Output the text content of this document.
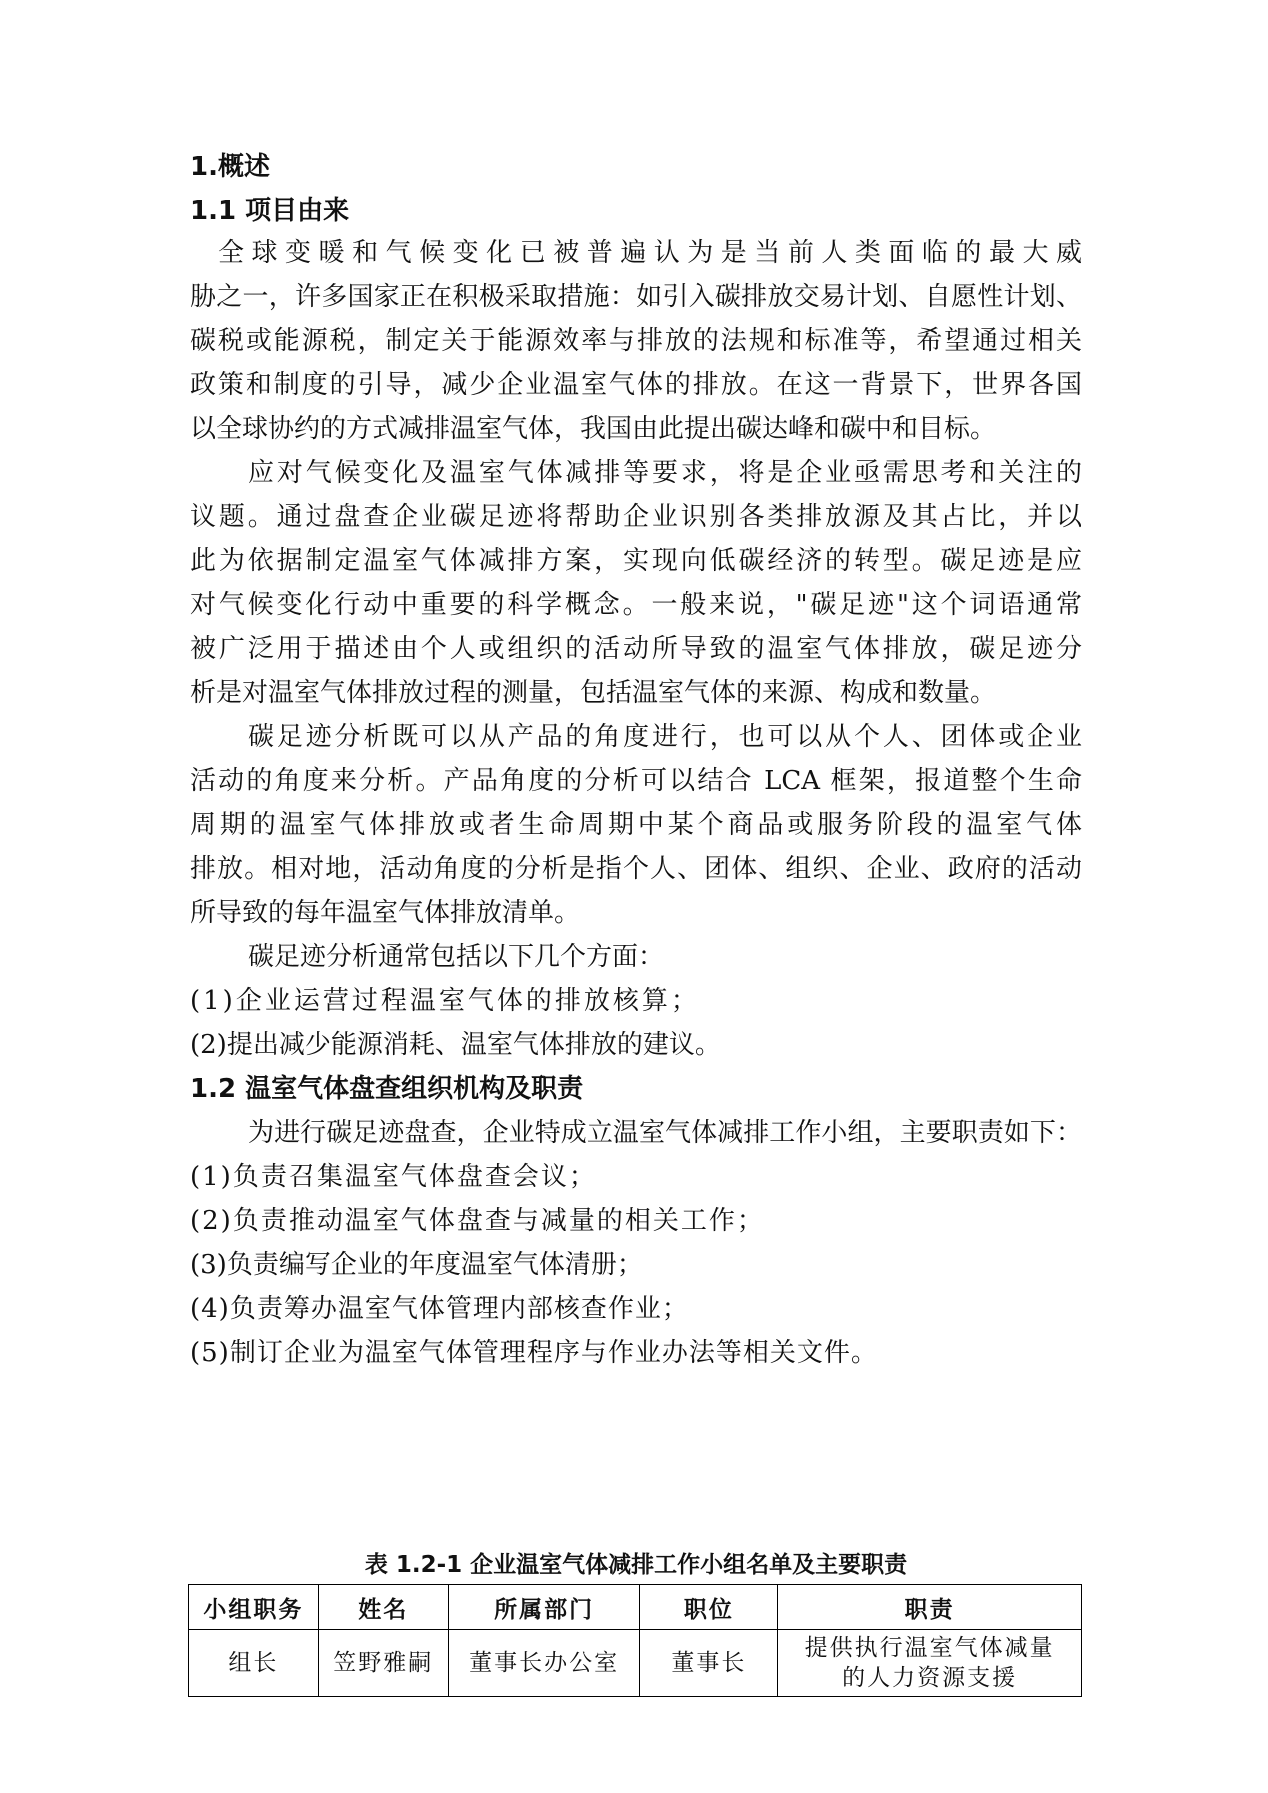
1.概述
1.1 项目由来

全球变暖和气候变化已被普遍认为是当前人类面临的最大威

胁之一，许多国家正在积极采取措施：如引入碳排放交易计划、自愿性计划、

碳税或能源税，制定关于能源效率与排放的法规和标准等，希望通过相关

政策和制度的引导，减少企业温室气体的排放。在这一背景下，世界各国

以全球协约的方式减排温室气体，我国由此提出碳达峰和碳中和目标。

应对气候变化及温室气体减排等要求，将是企业亟需思考和关注的

议题。通过盘查企业碳足迹将帮助企业识别各类排放源及其占比，并以

此为依据制定温室气体减排方案，实现向低碳经济的转型。碳足迹是应

对气候变化行动中重要的科学概念。一般来说，"碳足迹"这个词语通常

被广泛用于描述由个人或组织的活动所导致的温室气体排放，碳足迹分

析是对温室气体排放过程的测量，包括温室气体的来源、构成和数量。

碳足迹分析既可以从产品的角度进行，也可以从个人、团体或企业

活动的角度来分析。产品角度的分析可以结合 LCA 框架，报道整个生命

周期的温室气体排放或者生命周期中某个商品或服务阶段的温室气体

排放。相对地，活动角度的分析是指个人、团体、组织、企业、政府的活动

所导致的每年温室气体排放清单。

碳足迹分析通常包括以下几个方面：

(1)企业运营过程温室气体的排放核算；

(2)提出减少能源消耗、温室气体排放的建议。

1.2 温室气体盘查组织机构及职责

为进行碳足迹盘查，企业特成立温室气体减排工作小组，主要职责如下：

(1)负责召集温室气体盘查会议；

(2)负责推动温室气体盘查与减量的相关工作；

(3)负责编写企业的年度温室气体清册；

(4)负责筹办温室气体管理内部核查作业；

(5)制订企业为温室气体管理程序与作业办法等相关文件。

表 1.2-1 企业温室气体减排工作小组名单及主要职责
小组职务	姓名	所属部门	职位	职责
组长	笠野雅嗣	董事长办公室	董事长	提供执行温室气体减量的人力资源支援
